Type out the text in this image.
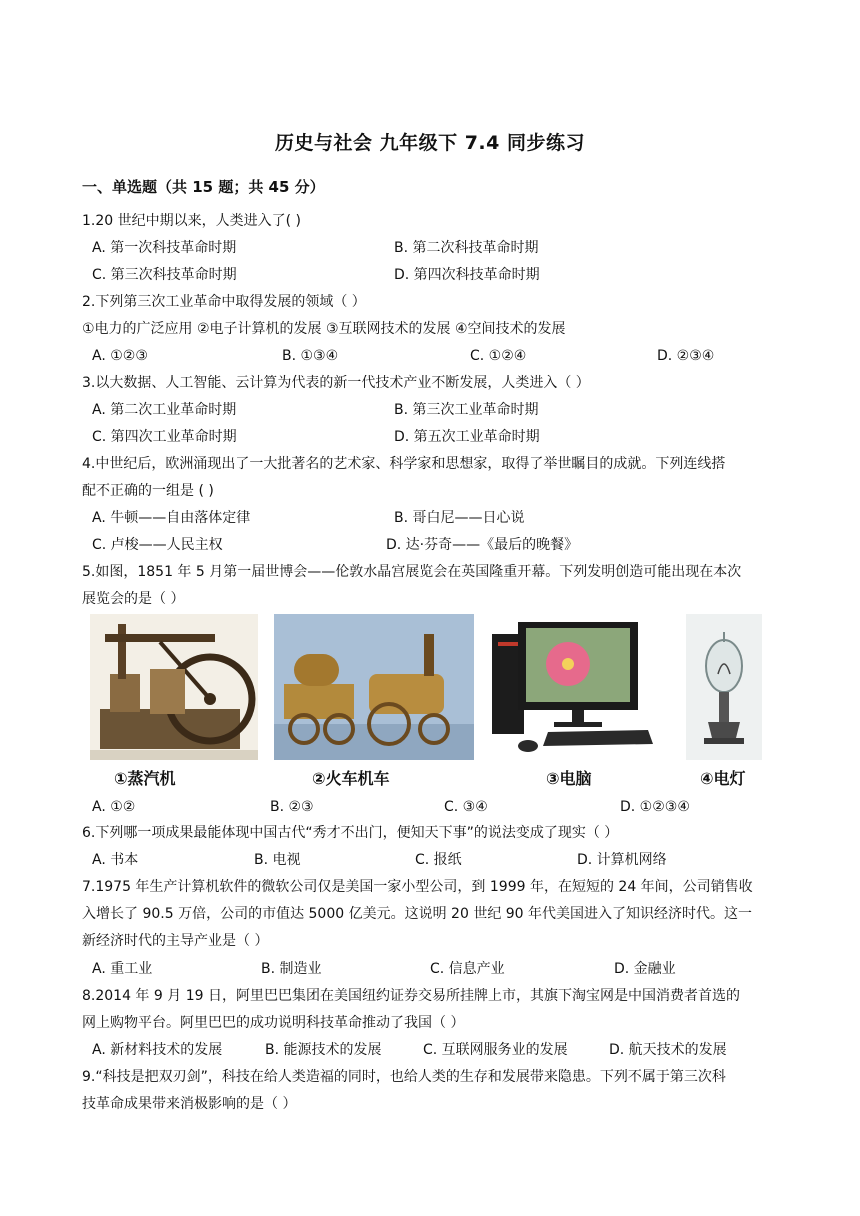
历史与社会 九年级下 7.4 同步练习
一、单选题（共 15 题；共 45 分）
1.20 世纪中期以来，人类进入了( )
A. 第一次科技革命时期	B. 第二次科技革命时期
C. 第三次科技革命时期	D. 第四次科技革命时期
2.下列第三次工业革命中取得发展的领域（ ）
①电力的广泛应用 ②电子计算机的发展 ③互联网技术的发展 ④空间技术的发展
A. ①②③	B. ①③④	C. ①②④	D. ②③④
3.以大数据、人工智能、云计算为代表的新一代技术产业不断发展，人类进入（ ）
A. 第二次工业革命时期	B. 第三次工业革命时期
C. 第四次工业革命时期	D. 第五次工业革命时期
4.中世纪后，欧洲涌现出了一大批著名的艺术家、科学家和思想家，取得了举世瞩目的成就。下列连线搭
配不正确的一组是 ( )
A. 牛顿——自由落体定律	B. 哥白尼——日心说
C. 卢梭——人民主权	D. 达·芬奇——《最后的晚餐》
5.如图，1851 年 5 月第一届世博会——伦敦水晶宫展览会在英国隆重开幕。下列发明创造可能出现在本次
展览会的是（ ）
①蒸汽机	②火车机车	③电脑	④电灯
A. ①②	B. ②③	C. ③④	D. ①②③④
6.下列哪一项成果最能体现中国古代“秀才不出门，便知天下事”的说法变成了现实（ ）
A. 书本	B. 电视	C. 报纸	D. 计算机网络
7.1975 年生产计算机软件的微软公司仅是美国一家小型公司，到 1999 年，在短短的 24 年间，公司销售收
入增长了 90.5 万倍，公司的市值达 5000 亿美元。这说明 20 世纪 90 年代美国进入了知识经济时代。这一
新经济时代的主导产业是（ ）
A. 重工业	B. 制造业	C. 信息产业	D. 金融业
8.2014 年 9 月 19 日，阿里巴巴集团在美国纽约证券交易所挂牌上市，其旗下淘宝网是中国消费者首选的
网上购物平台。阿里巴巴的成功说明科技革命推动了我国（ ）
A. 新材料技术的发展	B. 能源技术的发展	C. 互联网服务业的发展	D. 航天技术的发展
9.“科技是把双刃剑”，科技在给人类造福的同时，也给人类的生存和发展带来隐患。下列不属于第三次科
技革命成果带来消极影响的是（ ）
